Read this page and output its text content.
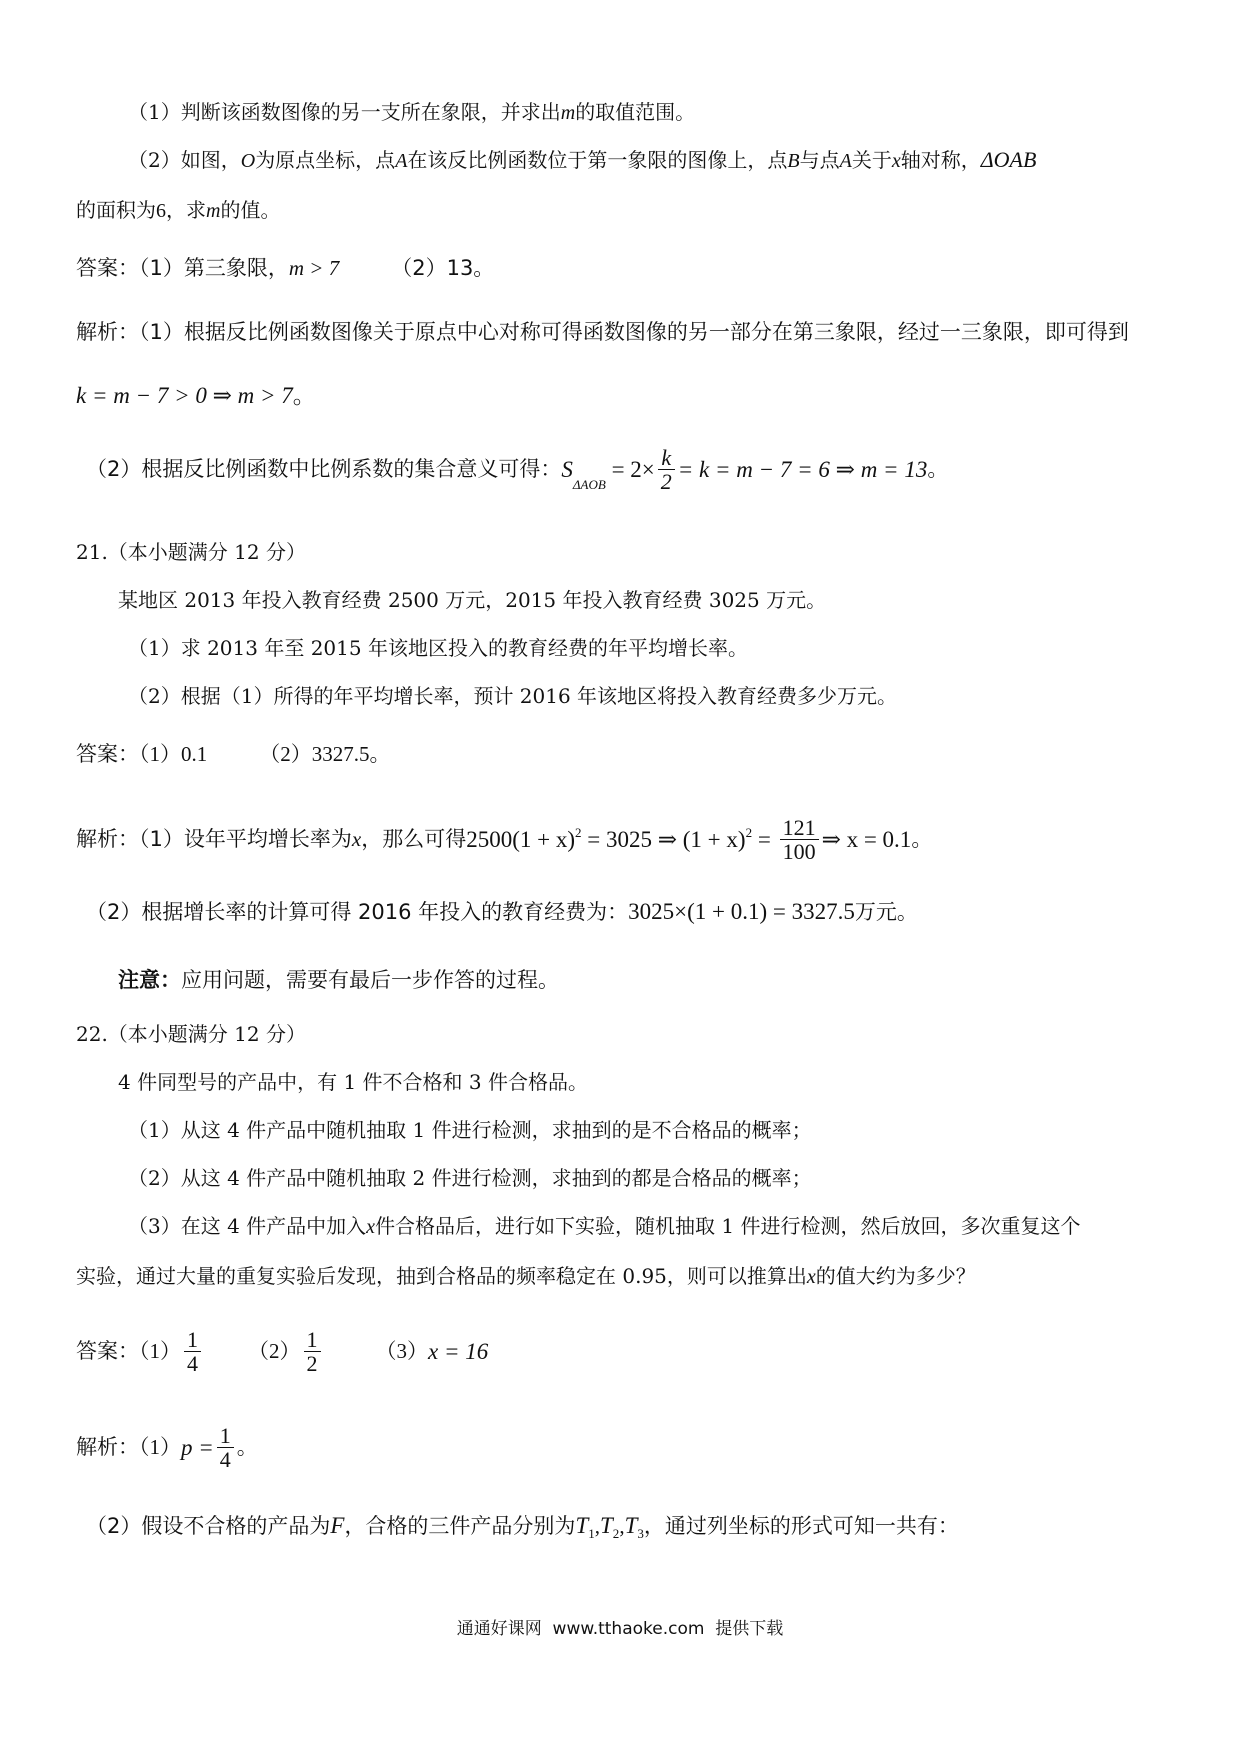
（1）判断该函数图像的另一支所在象限，并求出m的取值范围。
（2）如图，O为原点坐标，点A在该反比例函数位于第一象限的图像上，点B与点A关于x轴对称，ΔOAB
的面积为6，求m的值。
答案：（1）第三象限，m > 7 （2）13。
解析：（1）根据反比例函数图像关于原点中心对称可得函数图像的另一部分在第三象限，经过一三象限，即可得到
k = m − 7 > 0 ⇒ m > 7。
（2）根据反比例函数中比例系数的集合意义可得：$S_{\Delta AOB} = 2\times \frac{k}{2} = k = m - 7 = 6$ ⇒ m = 13。
21.（本小题满分 12 分）
某地区 2013 年投入教育经费 2500 万元，2015 年投入教育经费 3025 万元。
（1）求 2013 年至 2015 年该地区投入的教育经费的年平均增长率。
（2）根据（1）所得的年平均增长率，预计 2016 年该地区将投入教育经费多少万元。
答案：（1）0.1 （2）3327.5。
解析：（1）设年平均增长率为x，那么可得$2500(1 + x)^2 = 3025$ ⇒ $(1 + x)^2 = \frac{121}{100}$ ⇒ x = 0.1。
（2）根据增长率的计算可得 2016 年投入的教育经费为：3025×(1 + 0.1) = 3327.5万元。
注意：应用问题，需要有最后一步作答的过程。
22.（本小题满分 12 分）
4 件同型号的产品中，有 1 件不合格和 3 件合格品。
（1）从这 4 件产品中随机抽取 1 件进行检测，求抽到的是不合格品的概率；
（2）从这 4 件产品中随机抽取 2 件进行检测，求抽到的都是合格品的概率；
（3）在这 4 件产品中加入x件合格品后，进行如下实验，随机抽取 1 件进行检测，然后放回，多次重复这个
实验，通过大量的重复实验后发现，抽到合格品的频率稳定在 0.95，则可以推算出x的值大约为多少？
答案：$(1) \frac{1}{4} (2) \frac{1}{2}$	（3）x = 16
解析：$(1)p = \frac{1}{4}$ 。
（2）假设不合格的产品为F，合格的三件产品分别为$T_1,T_2,T_3$，通过列坐标的形式可知一共有：
通通好课网  www.tthaoke.com  提供下载
